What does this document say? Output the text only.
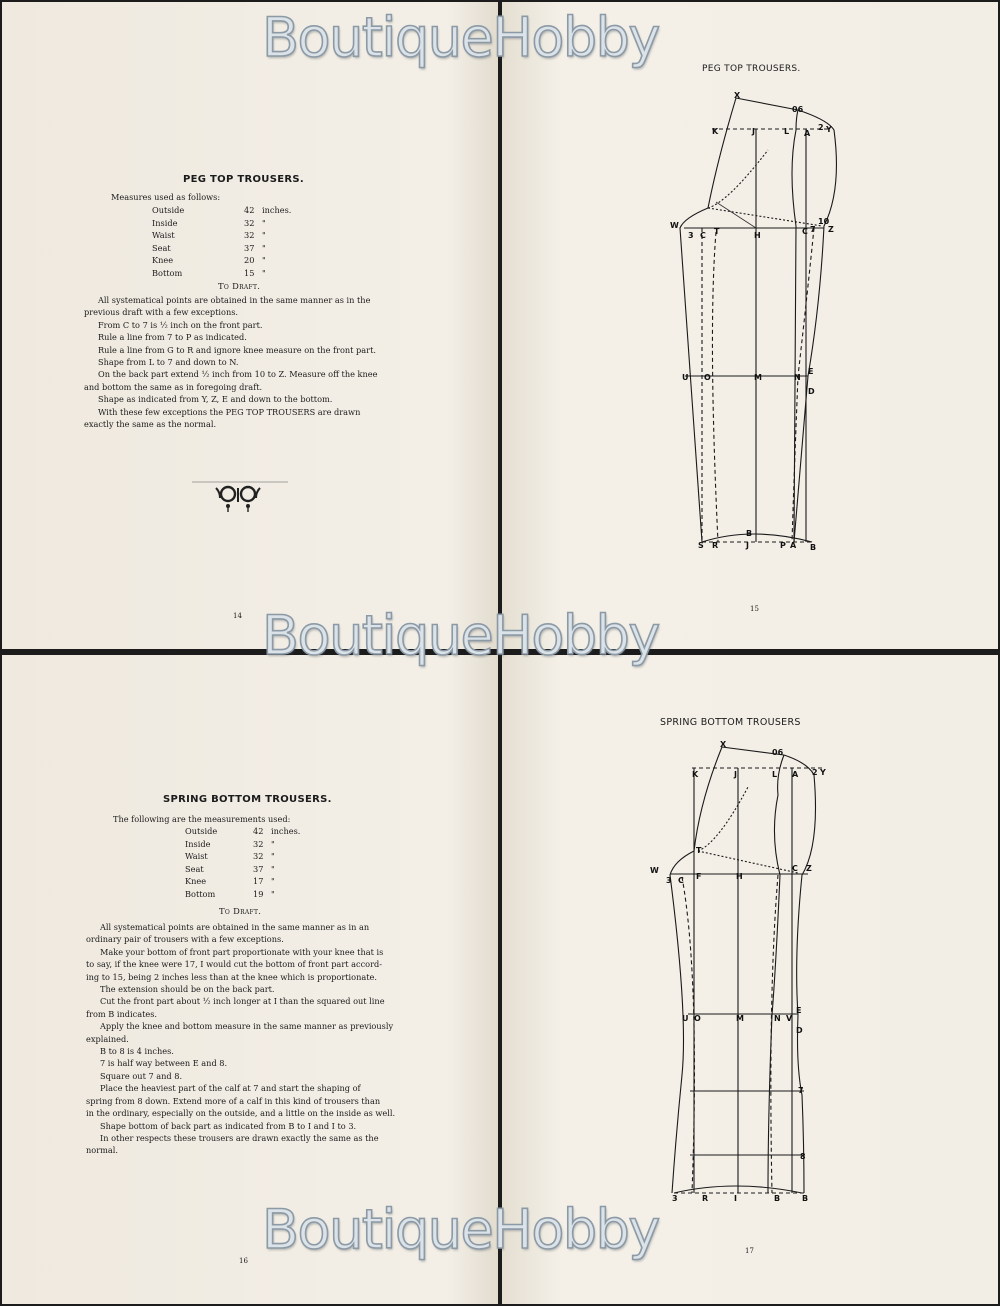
PEG TOP TROUSERS.
Measures used as follows:
Outside	42 inches.
Inside	32 "
Waist	32 "
Seat	37 "
Knee	20 "
Bottom	15 "
To Draft.
All systematical points are obtained in the same manner as in the
previous draft with a few exceptions.
From C to 7 is ½ inch on the front part.
Rule a line from 7 to P as indicated.
Rule a line from G to R and ignore knee measure on the front part.
Shape from L to 7 and down to N.
On the back part extend ½ inch from 10 to Z. Measure off the knee
and bottom the same as in foregoing draft.
Shape as indicated from Y, Z, E and down to the bottom.
With these few exceptions the PEG TOP TROUSERS are drawn
exactly the same as the normal.
14
PEG TOP TROUSERS.
X
06
K	J	L A
2 Y
W
3 C T	H	C 7
10
Z
U O	M	N
E
D
S R
B
J	P A B
15
SPRING BOTTOM TROUSERS.
The following are the measurements used:
Outside	42 inches.
Inside	32 "
Waist	32 "
Seat	37 "
Knee	17 "
Bottom	19 "
To Draft.
All systematical points are obtained in the same manner as in an
ordinary pair of trousers with a few exceptions.
Make your bottom of front part proportionate with your knee that is
to say, if the knee were 17, I would cut the bottom of front part accord-
ing to 15, being 2 inches less than at the knee which is proportionate.
The extension should be on the back part.
Cut the front part about ½ inch longer at I than the squared out line
from B indicates.
Apply the knee and bottom measure in the same manner as previously
explained.
B to 8 is 4 inches.
7 is half way between E and 8.
Square out 7 and 8.
Place the heaviest part of the calf at 7 and start the shaping of
spring from 8 down. Extend more of a calf in this kind of trousers than
in the ordinary, especially on the outside, and a little on the inside as well.
Shape bottom of back part as indicated from B to I and I to 3.
In other respects these trousers are drawn exactly the same as the
normal.
16
SPRING BOTTOM TROUSERS
X
06
K	J	L A 2 Y
W
3 C F	H
C Z
T
U O	M	N V
E
D
7
8
3	R	I	B	B
17
BoutiqueHobby
BoutiqueHobby
BoutiqueHobby
